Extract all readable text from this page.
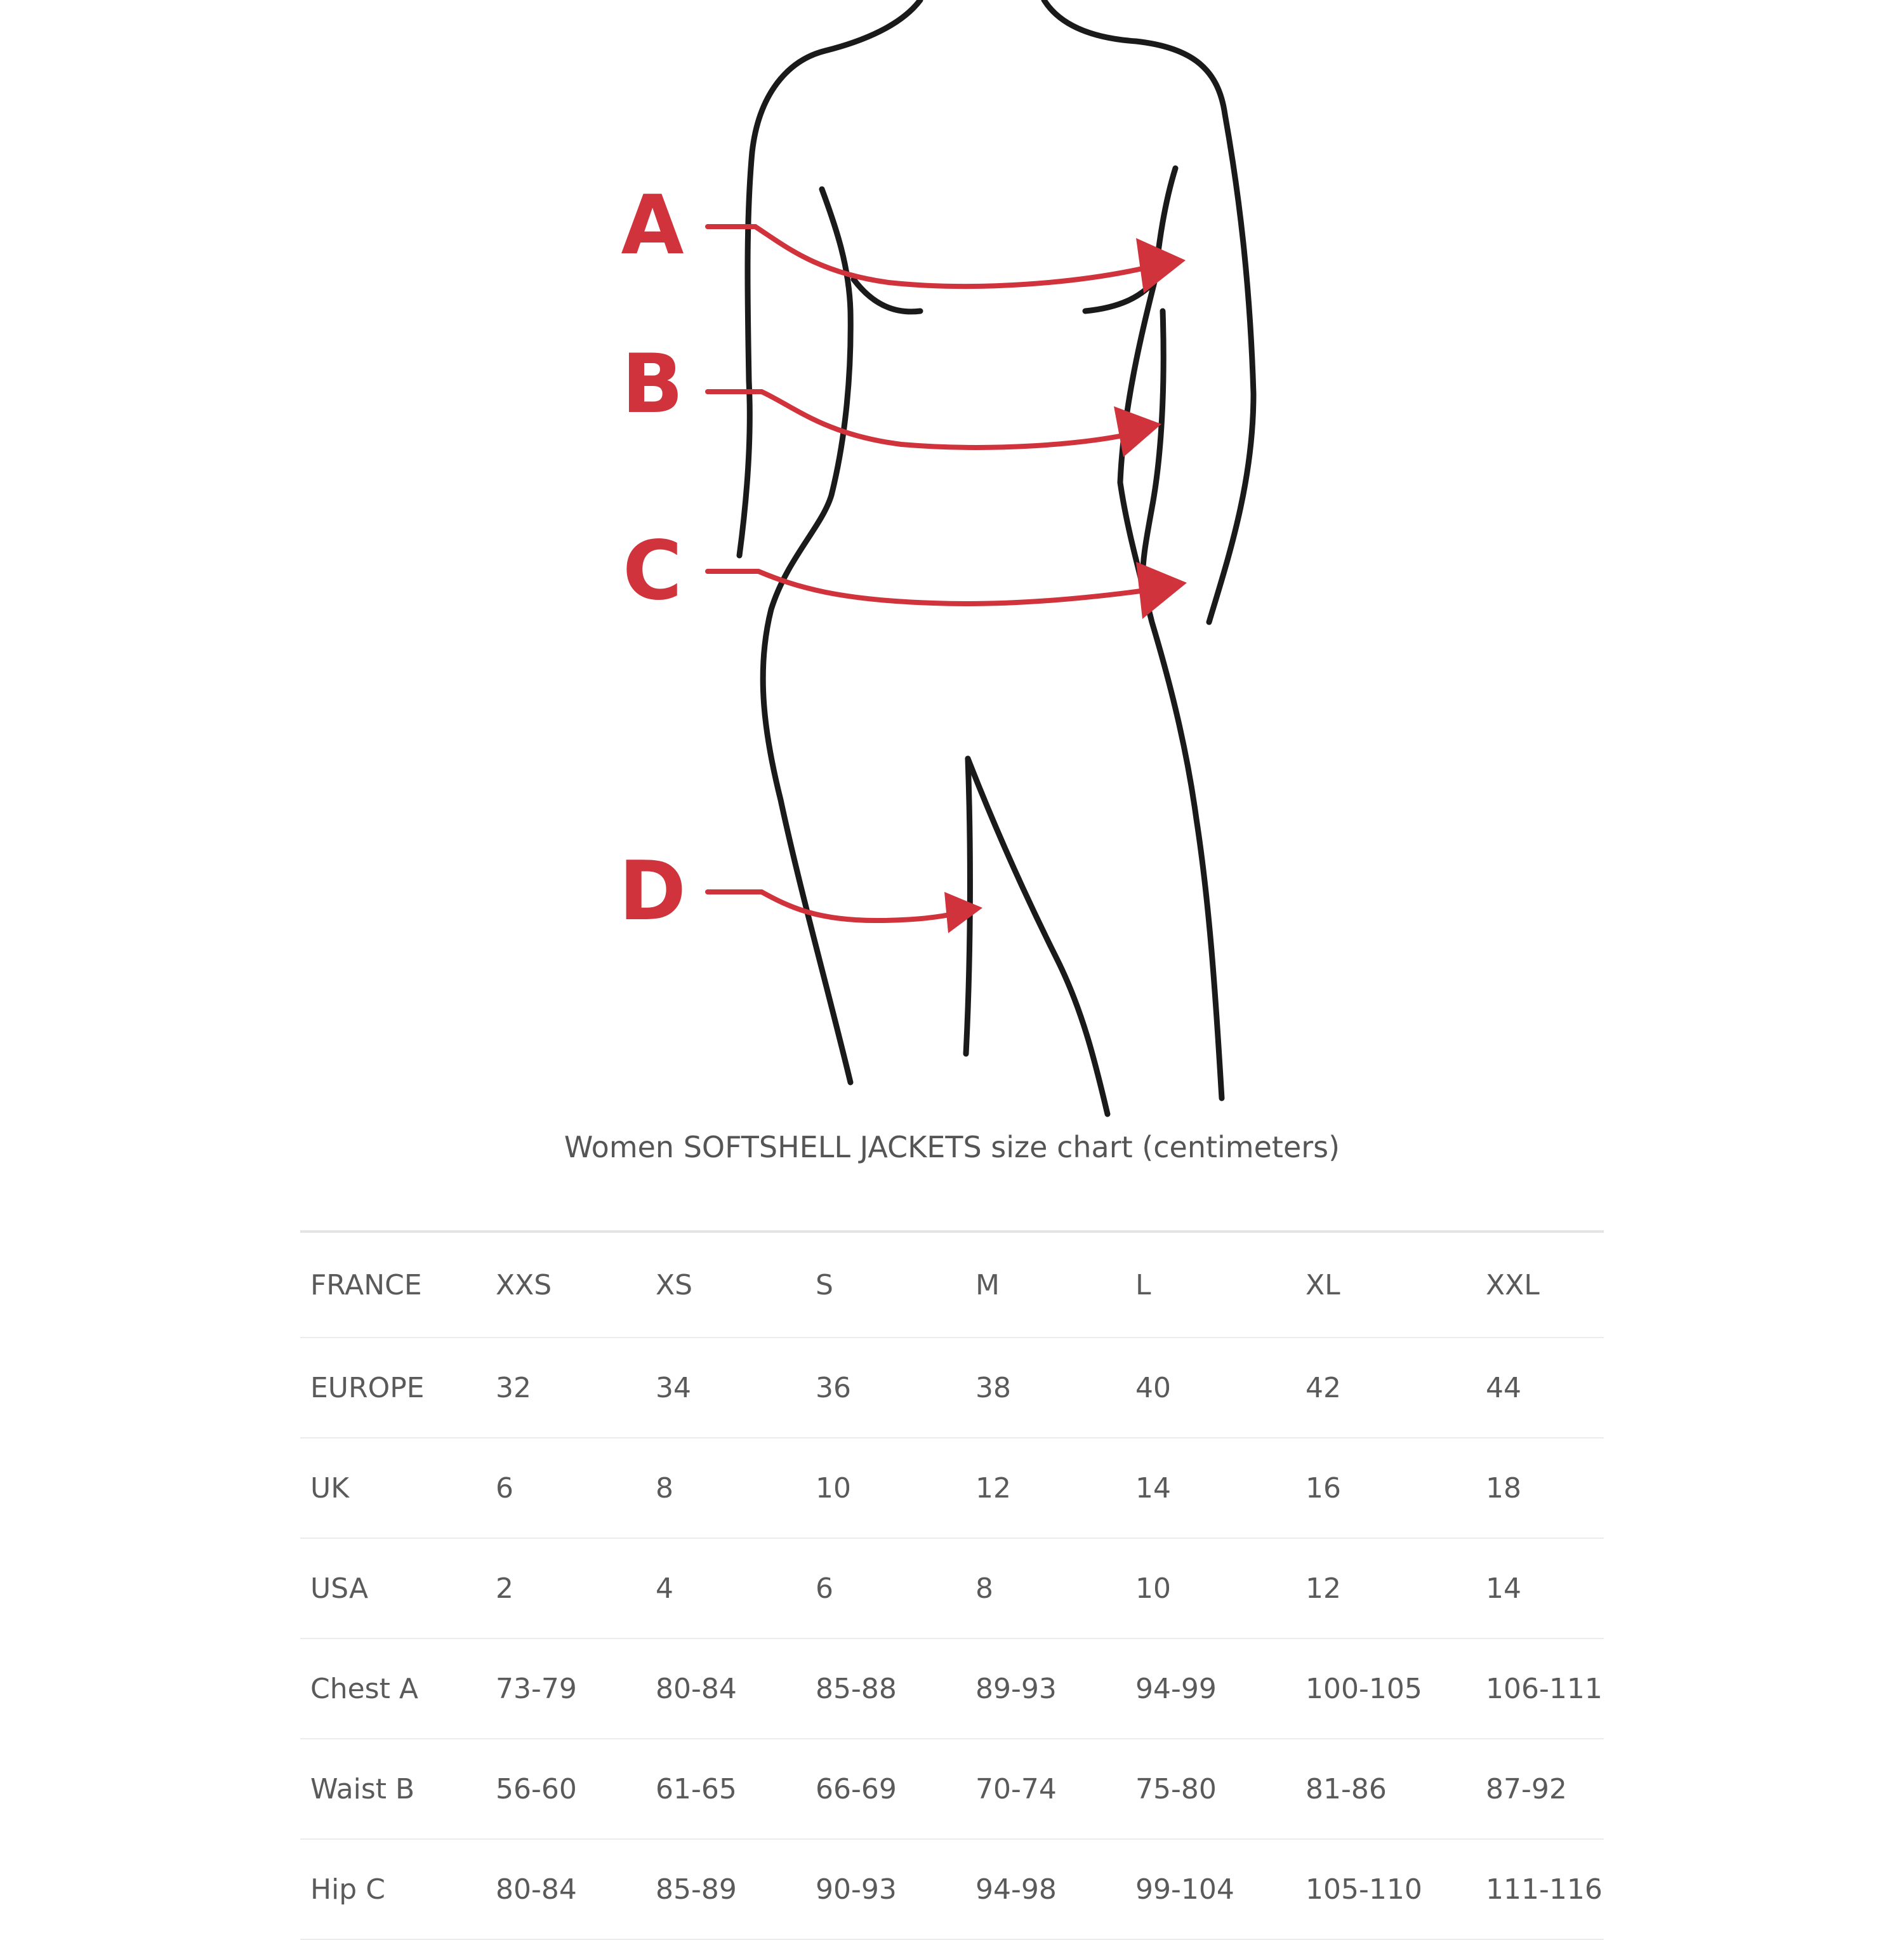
A
B
C
D
Women SOFTSHELL JACKETS size chart (centimeters)
FRANCE	XXS	XS	S	M	L	XL	XXL
EUROPE	32	34	36	38	40	42	44
UK	6	8	10	12	14	16	18
USA	2	4	6	8	10	12	14
Chest A	73-79	80-84	85-88	89-93	94-99	100-105	106-111
Waist B	56-60	61-65	66-69	70-74	75-80	81-86	87-92
Hip C	80-84	85-89	90-93	94-98	99-104	105-110	111-116
